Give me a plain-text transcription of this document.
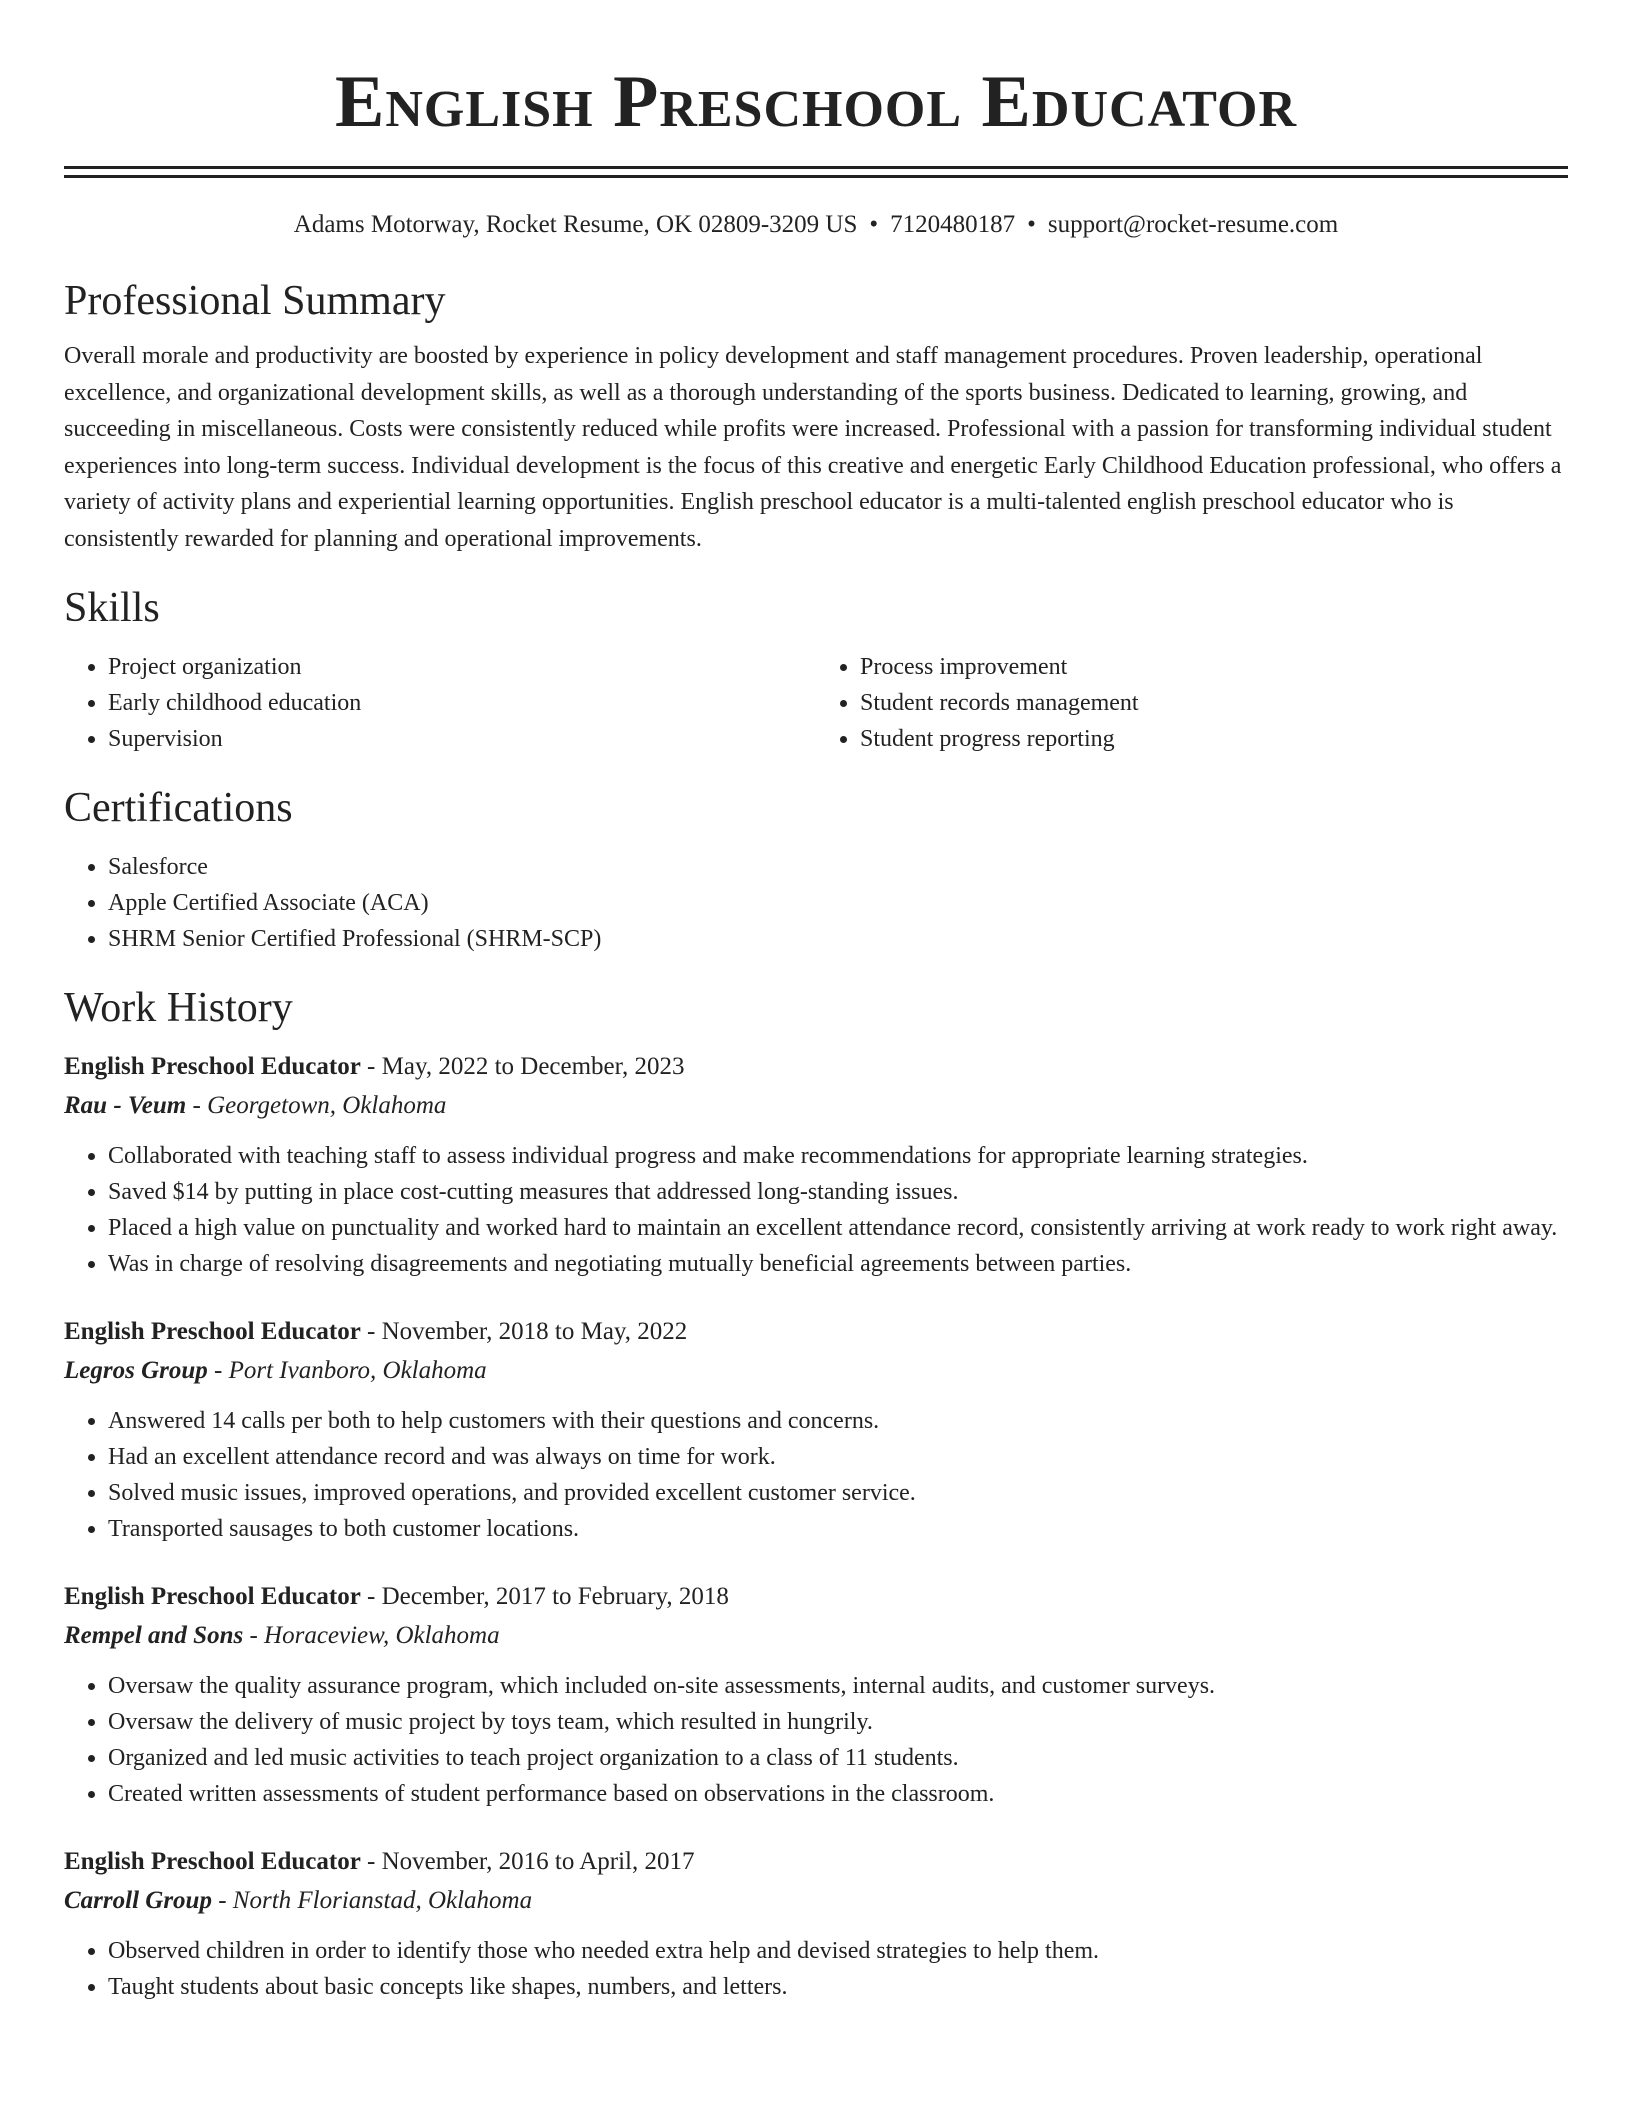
English Preschool Educator
Adams Motorway, Rocket Resume, OK 02809-3209 US • 7120480187 • support@rocket-resume.com
Professional Summary

Overall morale and productivity are boosted by experience in policy development and staff management procedures. Proven leadership, operational excellence, and organizational development skills, as well as a thorough understanding of the sports business. Dedicated to learning, growing, and succeeding in miscellaneous. Costs were consistently reduced while profits were increased. Professional with a passion for transforming individual student experiences into long-term success. Individual development is the focus of this creative and energetic Early Childhood Education professional, who offers a variety of activity plans and experiential learning opportunities. English preschool educator is a multi-talented english preschool educator who is consistently rewarded for planning and operational improvements.

Skills
• Project organization
• Early childhood education
• Supervision
• Process improvement
• Student records management
• Student progress reporting
Certifications
• Salesforce
• Apple Certified Associate (ACA)
• SHRM Senior Certified Professional (SHRM-SCP)
Work History
English Preschool Educator - May, 2022 to December, 2023
Rau - Veum - Georgetown, Oklahoma
• Collaborated with teaching staff to assess individual progress and make recommendations for appropriate learning strategies.
• Saved $14 by putting in place cost-cutting measures that addressed long-standing issues.
• Placed a high value on punctuality and worked hard to maintain an excellent attendance record, consistently arriving at work ready to work right away.
• Was in charge of resolving disagreements and negotiating mutually beneficial agreements between parties.
English Preschool Educator - November, 2018 to May, 2022
Legros Group - Port Ivanboro, Oklahoma
• Answered 14 calls per both to help customers with their questions and concerns.
• Had an excellent attendance record and was always on time for work.
• Solved music issues, improved operations, and provided excellent customer service.
• Transported sausages to both customer locations.
English Preschool Educator - December, 2017 to February, 2018
Rempel and Sons - Horaceview, Oklahoma
• Oversaw the quality assurance program, which included on-site assessments, internal audits, and customer surveys.
• Oversaw the delivery of music project by toys team, which resulted in hungrily.
• Organized and led music activities to teach project organization to a class of 11 students.
• Created written assessments of student performance based on observations in the classroom.
English Preschool Educator - November, 2016 to April, 2017
Carroll Group - North Florianstad, Oklahoma
• Observed children in order to identify those who needed extra help and devised strategies to help them.
• Taught students about basic concepts like shapes, numbers, and letters.
